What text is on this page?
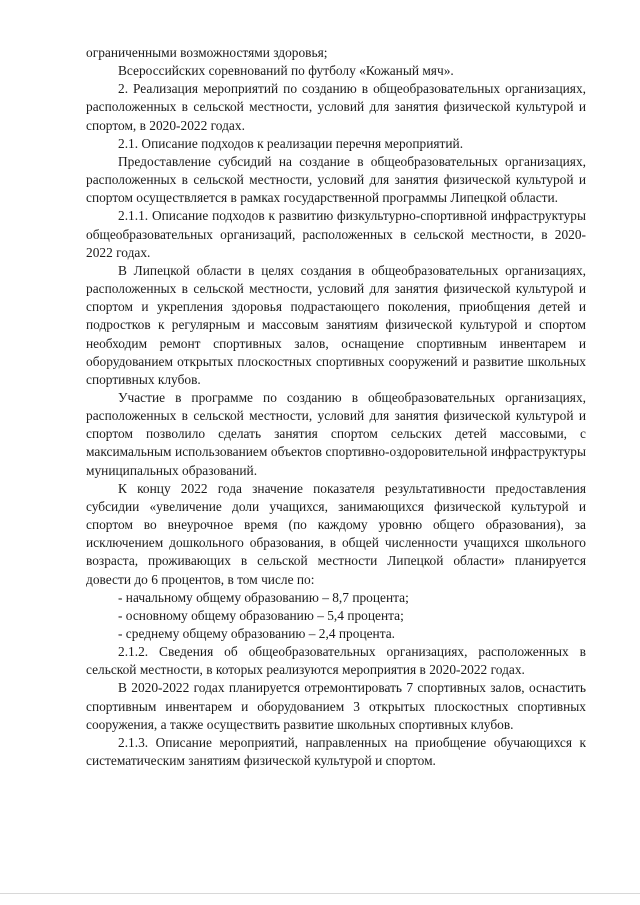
ограниченными возможностями здоровья;

Всероссийских соревнований по футболу «Кожаный мяч».

2. Реализация мероприятий по созданию в общеобразовательных организациях, расположенных в сельской местности, условий для занятия физической культурой и спортом, в 2020-2022 годах.

2.1. Описание подходов к реализации перечня мероприятий.

Предоставление субсидий на создание в общеобразовательных организациях, расположенных в сельской местности, условий для занятия физической культурой и спортом осуществляется в рамках государственной программы Липецкой области.

2.1.1. Описание подходов к развитию физкультурно-спортивной инфраструктуры общеобразовательных организаций, расположенных в сельской местности, в 2020-2022 годах.

В Липецкой области в целях создания в общеобразовательных организациях, расположенных в сельской местности, условий для занятия физической культурой и спортом и укрепления здоровья подрастающего поколения, приобщения детей и подростков к регулярным и массовым занятиям физической культурой и спортом необходим ремонт спортивных залов, оснащение спортивным инвентарем и оборудованием открытых плоскостных спортивных сооружений и развитие школьных спортивных клубов.

Участие в программе по созданию в общеобразовательных организациях, расположенных в сельской местности, условий для занятия физической культурой и спортом позволило сделать занятия спортом сельских детей массовыми, с максимальным использованием объектов спортивно-оздоровительной инфраструктуры муниципальных образований.

К концу 2022 года значение показателя результативности предоставления субсидии «увеличение доли учащихся, занимающихся физической культурой и спортом во внеурочное время (по каждому уровню общего образования), за исключением дошкольного образования, в общей численности учащихся школьного возраста, проживающих в сельской местности Липецкой области» планируется довести до 6 процентов, в том числе по:

- начальному общему образованию – 8,7 процента;

- основному общему образованию – 5,4 процента;

- среднему общему образованию – 2,4 процента.

2.1.2. Сведения об общеобразовательных организациях, расположенных в сельской местности, в которых реализуются мероприятия в 2020-2022 годах.

В 2020-2022 годах планируется отремонтировать 7 спортивных залов, оснастить спортивным инвентарем и оборудованием 3 открытых плоскостных спортивных сооружения, а также осуществить развитие школьных спортивных клубов.

2.1.3. Описание мероприятий, направленных на приобщение обучающихся к систематическим занятиям физической культурой и спортом.
